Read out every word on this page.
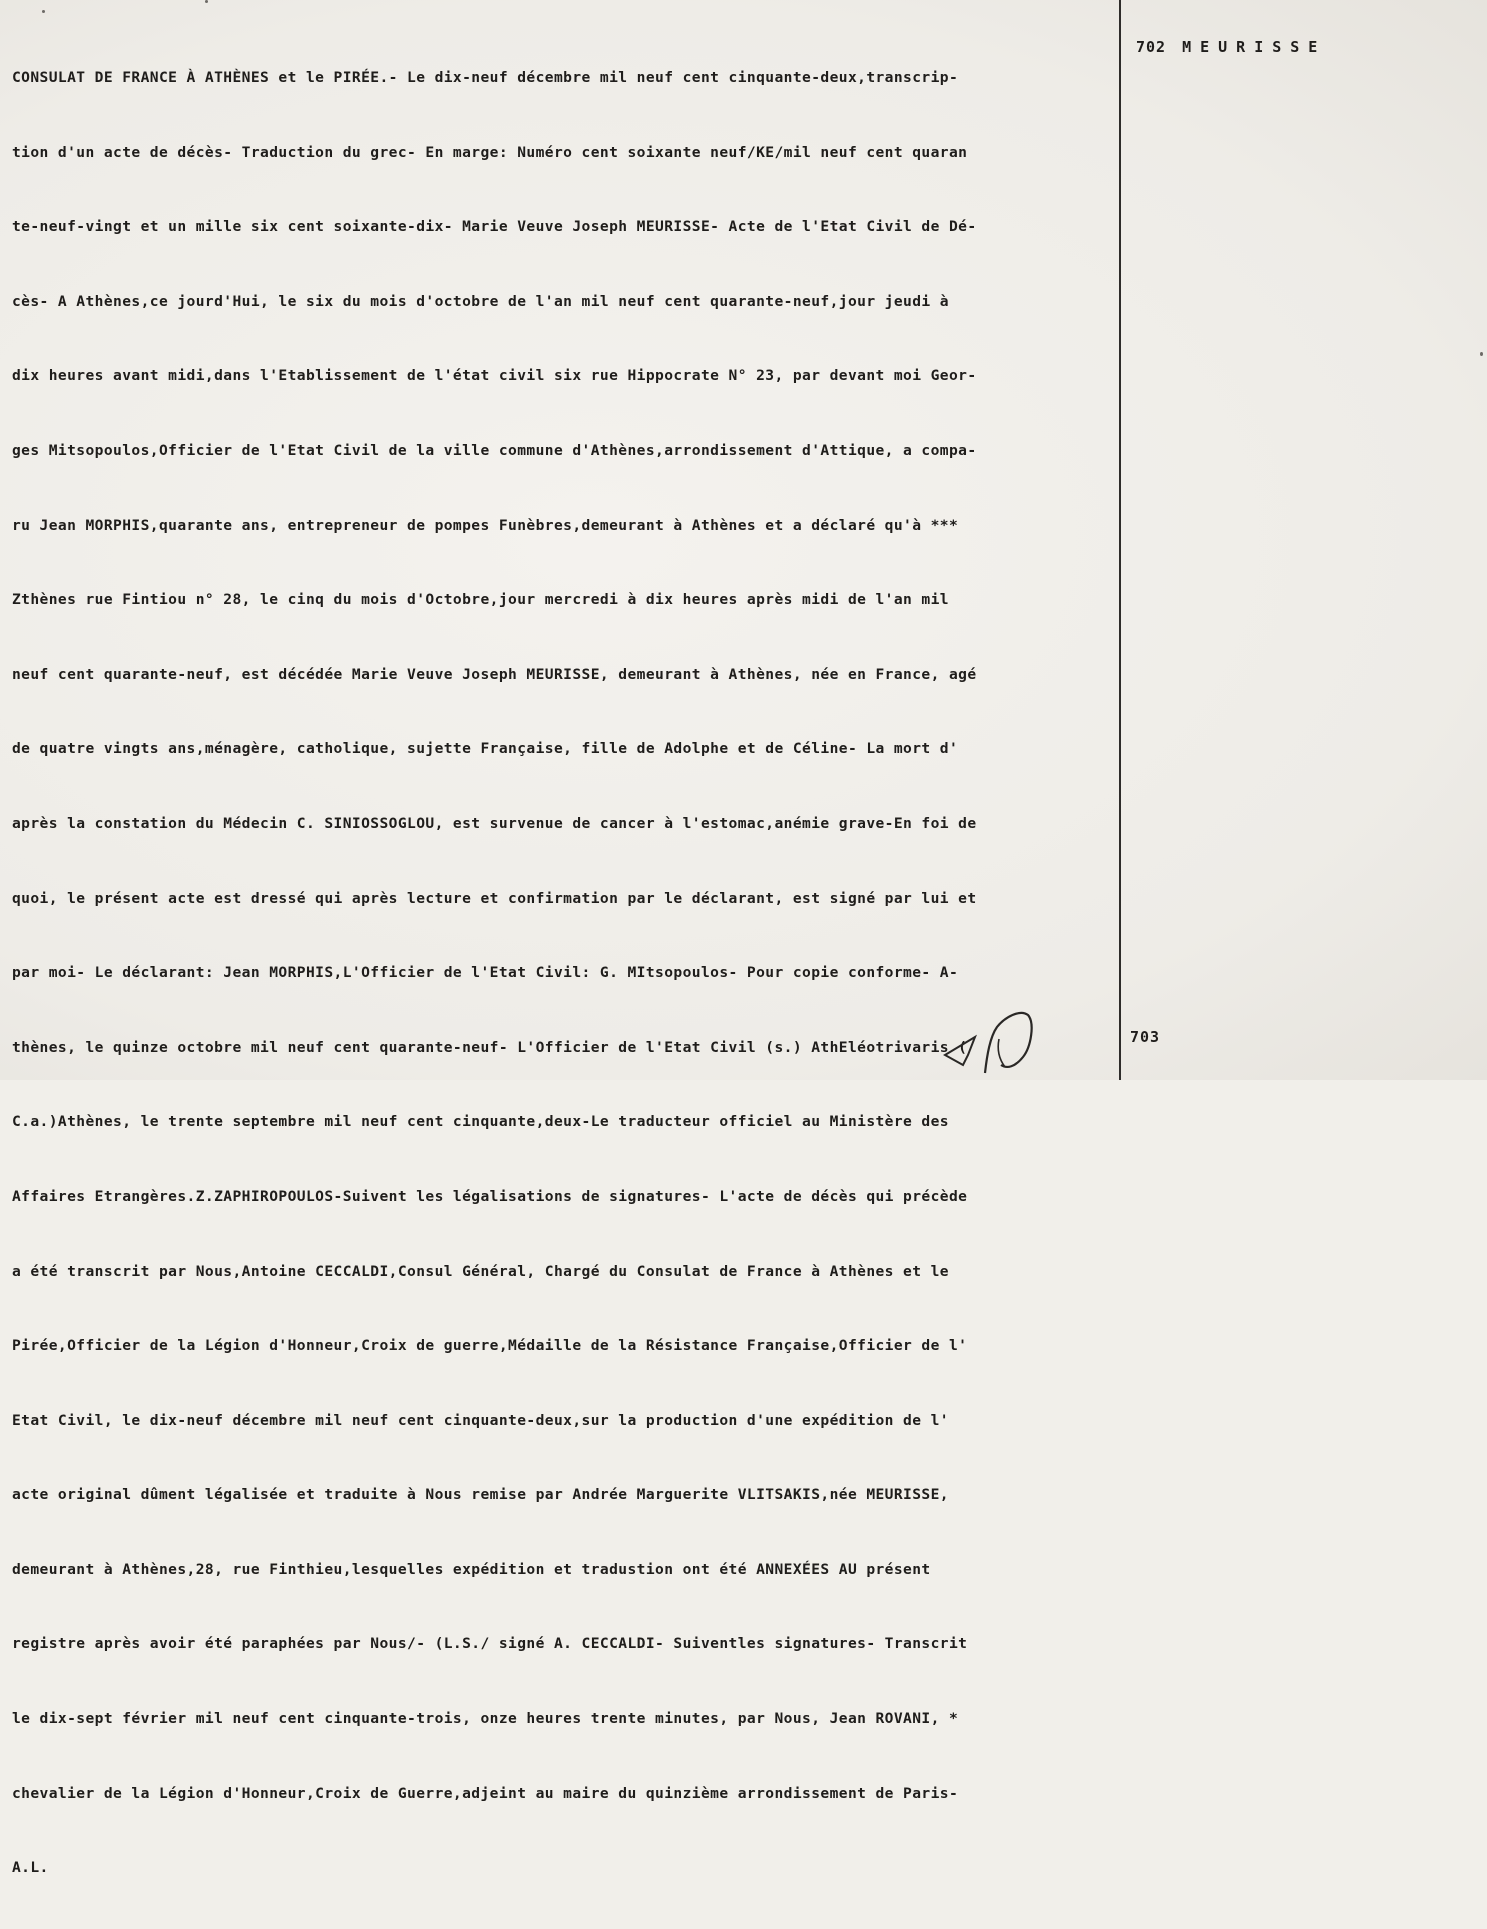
CONSULAT DE FRANCE À ATHÈNES et le PIRÉE.- Le dix-neuf décembre mil neuf cent cinquante-deux,transcrip-

tion d'un acte de décès- Traduction du grec- En marge: Numéro cent soixante neuf/KE/mil neuf cent quaran

te-neuf-vingt et un mille six cent soixante-dix- Marie Veuve Joseph MEURISSE- Acte de l'Etat Civil de Dé-

cès- A Athènes,ce jourd'Hui, le six du mois d'octobre de l'an mil neuf cent quarante-neuf,jour jeudi à

dix heures avant midi,dans l'Etablissement de l'état civil six rue Hippocrate N° 23, par devant moi Geor-

ges Mitsopoulos,Officier de l'Etat Civil de la ville commune d'Athènes,arrondissement d'Attique, a compa-

ru Jean MORPHIS,quarante ans, entrepreneur de pompes Funèbres,demeurant à Athènes et a déclaré qu'à ***

Zthènes rue Fintiou n° 28, le cinq du mois d'Octobre,jour mercredi à dix heures après midi de l'an mil

neuf cent quarante-neuf, est décédée Marie Veuve Joseph MEURISSE, demeurant à Athènes, née en France, agé

de quatre vingts ans,ménagère, catholique, sujette Française, fille de Adolphe et de Céline- La mort d'

après la constation du Médecin C. SINIOSSOGLOU, est survenue de cancer à l'estomac,anémie grave-En foi de

quoi, le présent acte est dressé qui après lecture et confirmation par le déclarant, est signé par lui et

par moi- Le déclarant: Jean MORPHIS,L'Officier de l'Etat Civil: G. MItsopoulos- Pour copie conforme- A-

thènes, le quinze octobre mil neuf cent quarante-neuf- L'Officier de l'Etat Civil (s.) AthEléotrivaris (

C.a.)Athènes, le trente septembre mil neuf cent cinquante,deux-Le traducteur officiel au Ministère des

Affaires Etrangères.Z.ZAPHIROPOULOS-Suivent les légalisations de signatures- L'acte de décès qui précède

a été transcrit par Nous,Antoine CECCALDI,Consul Général, Chargé du Consulat de France à Athènes et le

Pirée,Officier de la Légion d'Honneur,Croix de guerre,Médaille de la Résistance Française,Officier de l'

Etat Civil, le dix-neuf décembre mil neuf cent cinquante-deux,sur la production d'une expédition de l'

acte original dûment légalisée et traduite à Nous remise par Andrée Marguerite VLITSAKIS,née MEURISSE,

demeurant à Athènes,28, rue Finthieu,lesquelles expédition et tradustion ont été ANNEXÉES AU présent

registre après avoir été paraphées par Nous/- (L.S./ signé A. CECCALDI- Suiventles signatures- Transcrit

le dix-sept février mil neuf cent cinquante-trois, onze heures trente minutes, par Nous, Jean ROVANI, *

chevalier de la Légion d'Honneur,Croix de Guerre,adjeint au maire du quinzième arrondissement de Paris-

A.L.

702 MEURISSE
703
